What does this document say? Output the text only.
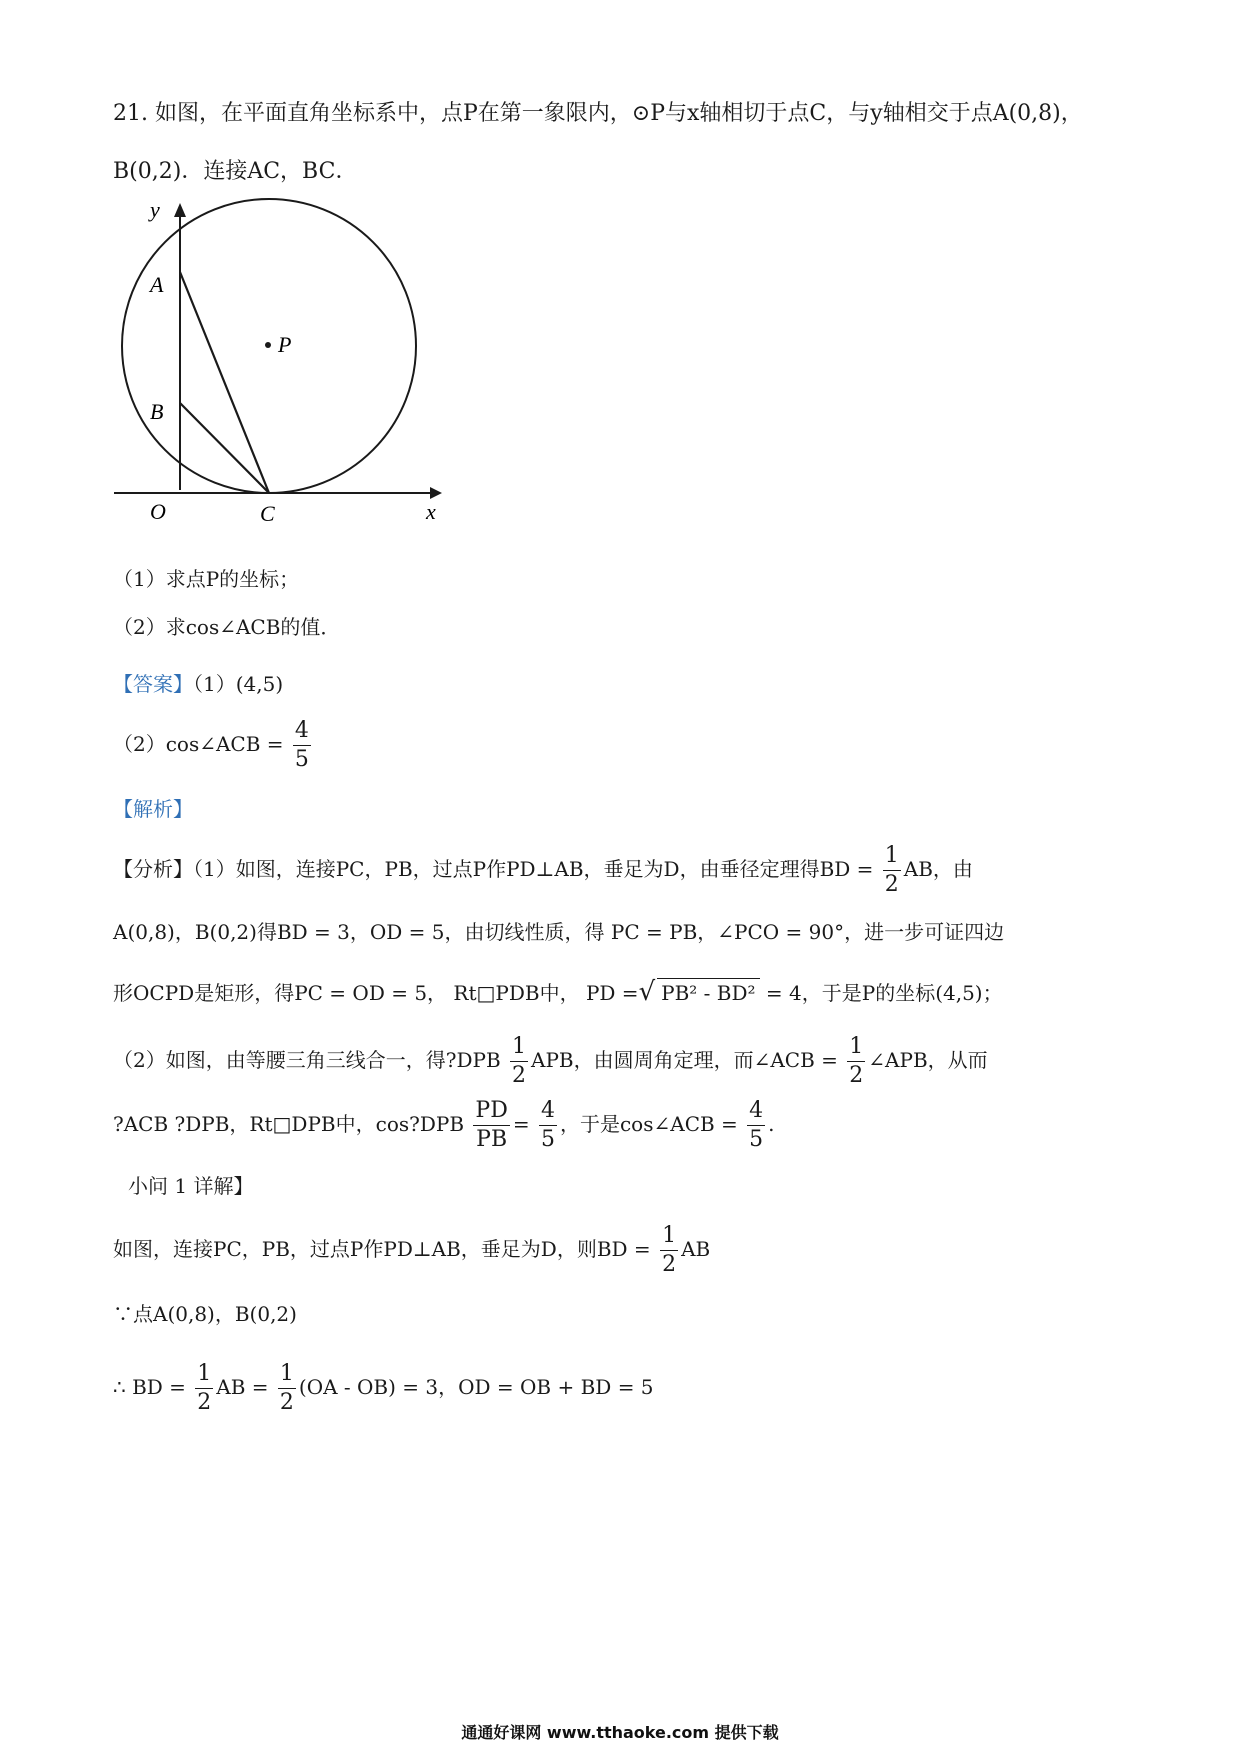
21. 如图，在平面直角坐标系中，点P在第一象限内，⊙P与x轴相切于点C，与y轴相交于点A(0,8)，
B(0,2)．连接AC，BC．
y
A
P
B
O	C	x
（1）求点P的坐标；
（2）求cos∠ACB的值．
【答案】（1）(4,5)
（2）cos∠ACB = $\frac{4}{5}$
【解析】
【分析】（1）如图，连接PC，PB，过点P作PD⊥AB，垂足为D，由垂径定理得BD = $\frac{1}{2}$ AB，由
A(0,8)，B(0,2)得BD = 3，OD = 5，由切线性质，得 PC = PB，∠PCO = 90°，进一步可证四边
形OCPD是矩形，得PC = OD = 5， Rt□PDB中， PD =√ PB² - BD² = 4，于是P的坐标(4,5)；
（2）如图，由等腰三角三线合一，得?DPB $\frac{1}{2}$ APB，由圆周角定理，而∠ACB = $\frac{1}{2}$ ∠APB，从而
?ACB ?DPB，Rt□DPB中，cos?DPB $\frac{PD}{PB} = \frac{4}{5}$ ，于是cos∠ACB = $\frac{4}{5}$ .
小问 1 详解】
如图，连接PC，PB，过点P作PD⊥AB，垂足为D，则BD = $\frac{1}{2}$ AB
∵点A(0,8)，B(0,2)
∴ BD = $\frac{1}{2}$ AB = $\frac{1}{2} (OA - OB) = 3$，OD = OB + BD = 5
通通好课网 www.tthaoke.com 提供下载
